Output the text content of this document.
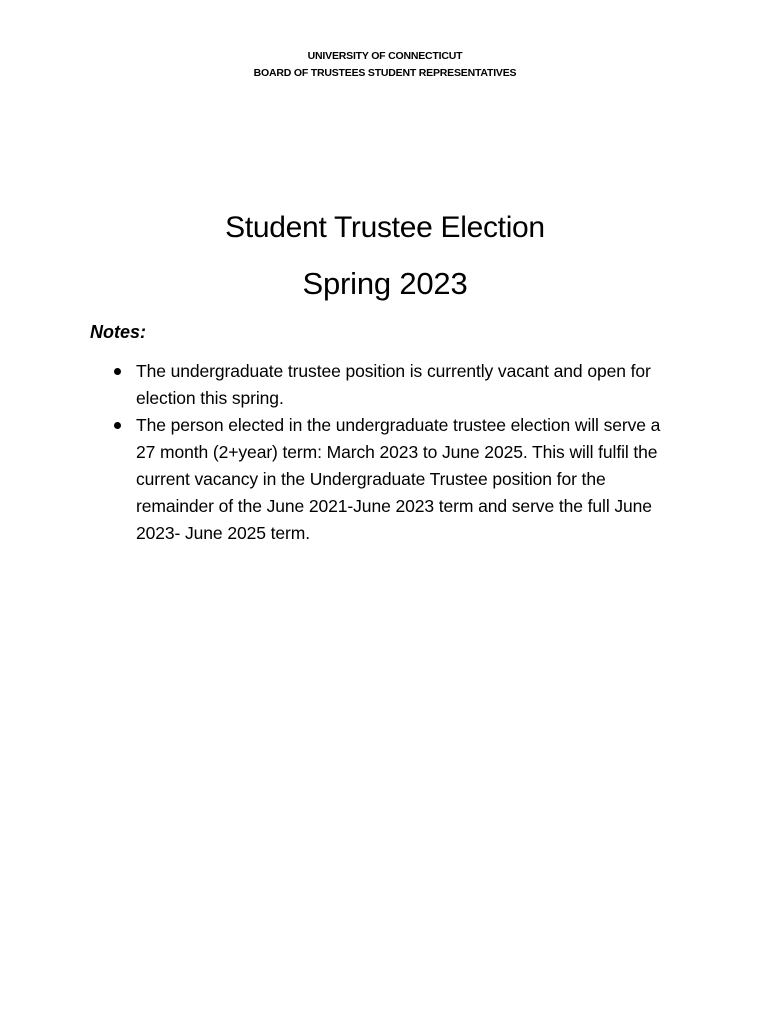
UNIVERSITY OF CONNECTICUT
BOARD OF TRUSTEES STUDENT REPRESENTATIVES
Student Trustee Election
Spring 2023
Notes:
The undergraduate trustee position is currently vacant and open for election this spring.
The person elected in the undergraduate trustee election will serve a 27 month (2+year) term: March 2023 to June 2025. This will fulfil the current vacancy in the Undergraduate Trustee position for the remainder of the June 2021-June 2023 term and serve the full June 2023- June 2025 term.
